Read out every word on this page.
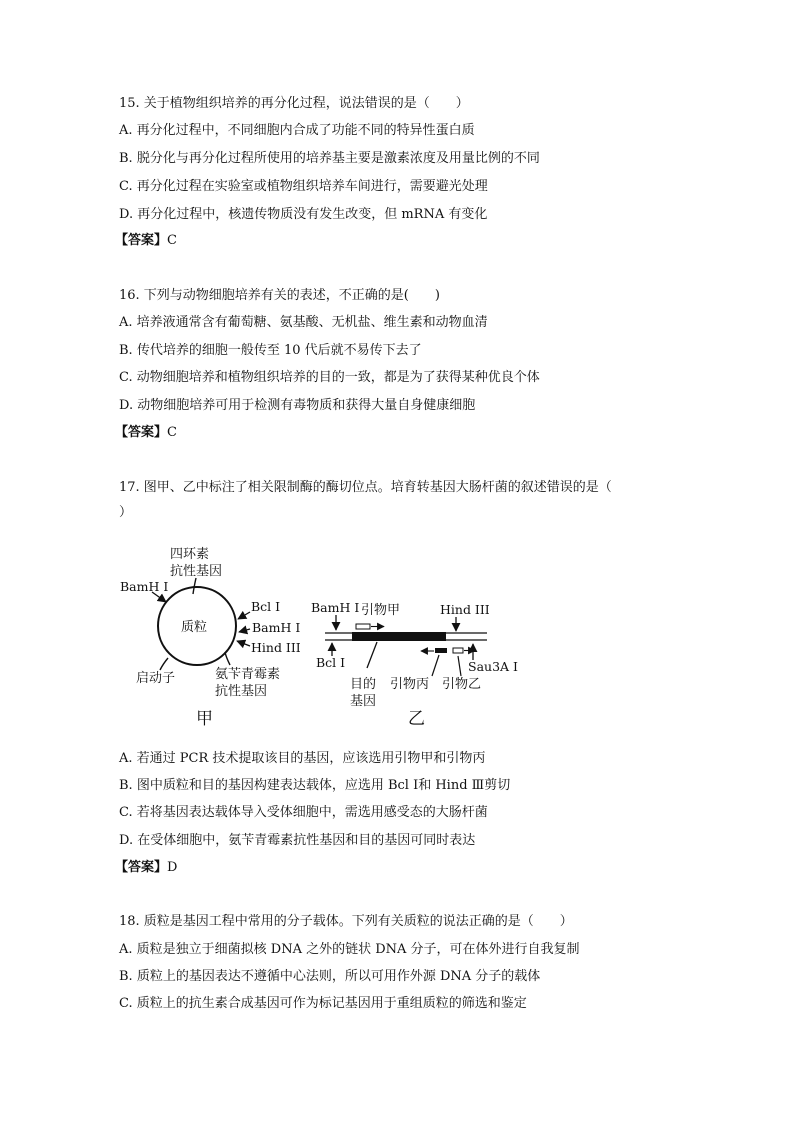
15. 关于植物组织培养的再分化过程，说法错误的是（　　）
A. 再分化过程中，不同细胞内合成了功能不同的特异性蛋白质
B. 脱分化与再分化过程所使用的培养基主要是激素浓度及用量比例的不同
C. 再分化过程在实验室或植物组织培养车间进行，需要避光处理
D. 再分化过程中，核遗传物质没有发生改变，但 mRNA 有变化
【答案】C
16. 下列与动物细胞培养有关的表述，不正确的是(　　)
A. 培养液通常含有葡萄糖、氨基酸、无机盐、维生素和动物血清
B. 传代培养的细胞一般传至 10 代后就不易传下去了
C. 动物细胞培养和植物组织培养的目的一致，都是为了获得某种优良个体
D. 动物细胞培养可用于检测有毒物质和获得大量自身健康细胞
【答案】C
17. 图甲、乙中标注了相关限制酶的酶切位点。培育转基因大肠杆菌的叙述错误的是（
）
质粒
四环素
抗性基因
BamH I
Bcl I
BamH I
Hind III
启动子	氨苄青霉素
抗性基因
甲
BamH I 引物甲	Hind III
Bcl I
目的
基因
引物丙 引物乙
Sau3A I
乙
A. 若通过 PCR 技术提取该目的基因，应该选用引物甲和引物丙
B. 图中质粒和目的基因构建表达载体，应选用 Bcl Ⅰ和 Hind Ⅲ剪切
C. 若将基因表达载体导入受体细胞中，需选用感受态的大肠杆菌
D. 在受体细胞中，氨苄青霉素抗性基因和目的基因可同时表达
【答案】D
18. 质粒是基因工程中常用的分子载体。下列有关质粒的说法正确的是（　　）
A. 质粒是独立于细菌拟核 DNA 之外的链状 DNA 分子，可在体外进行自我复制
B. 质粒上的基因表达不遵循中心法则，所以可用作外源 DNA 分子的载体
C. 质粒上的抗生素合成基因可作为标记基因用于重组质粒的筛选和鉴定
